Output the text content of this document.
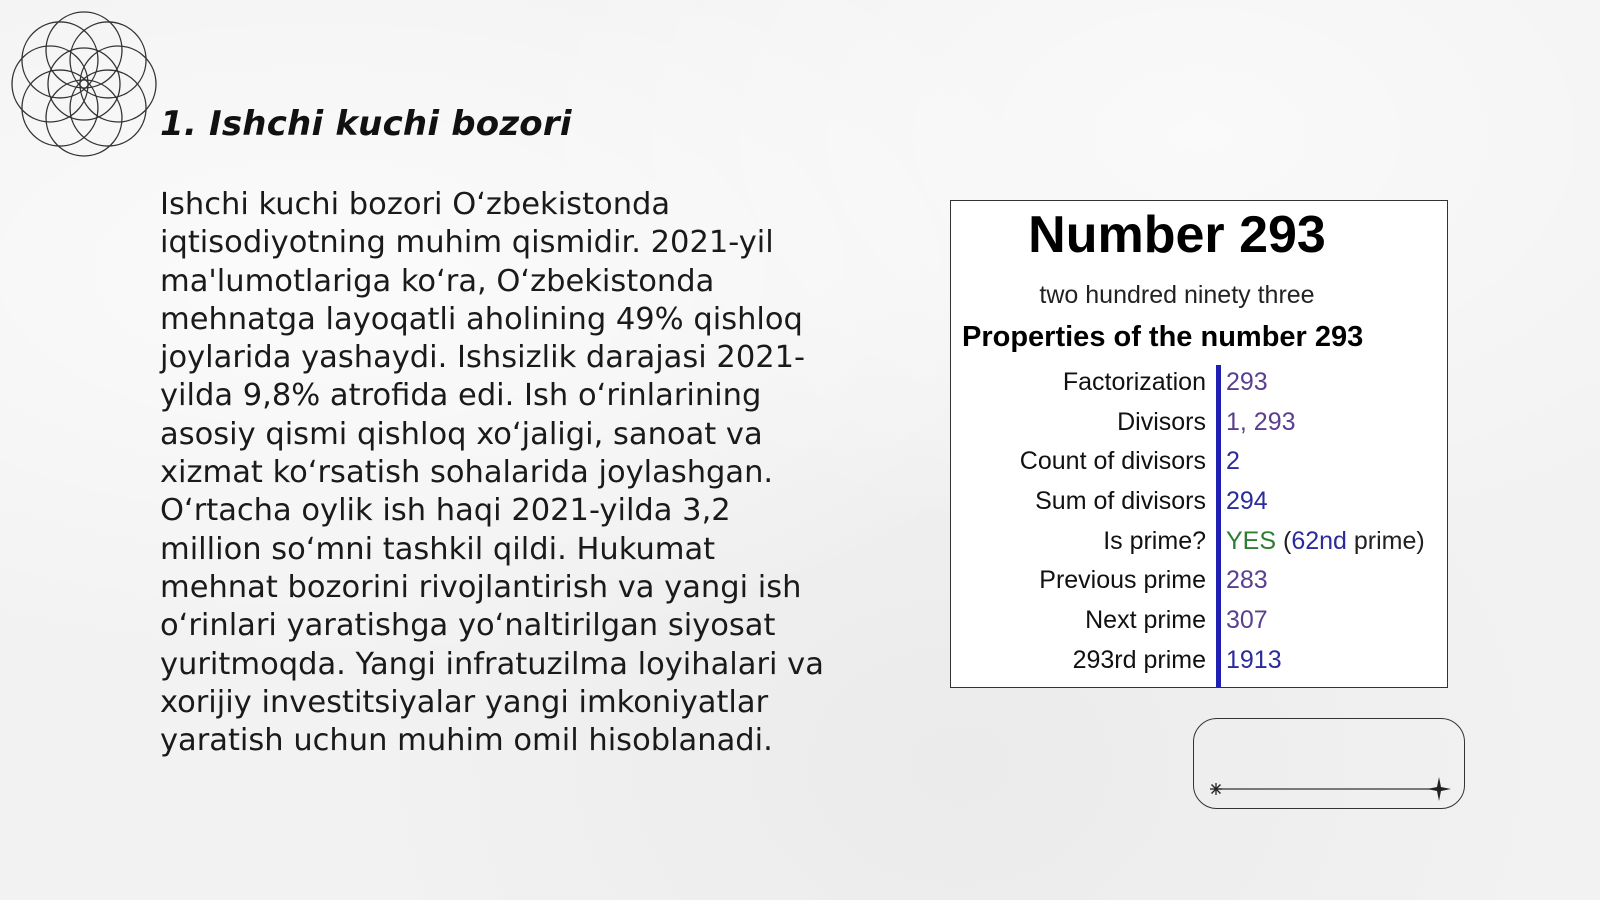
1. Ishchi kuchi bozori

Ishchi kuchi bozori O‘zbekistonda iqtisodiyotning muhim qismidir. 2021-yil ma'lumotlariga ko‘ra, O‘zbekistonda mehnatga layoqatli aholining 49% qishloq joylarida yashaydi. Ishsizlik darajasi 2021-yilda 9,8% atrofida edi. Ish o‘rinlarining asosiy qismi qishloq xo‘jaligi, sanoat va xizmat ko‘rsatish sohalarida joylashgan. O‘rtacha oylik ish haqi 2021-yilda 3,2 million so‘mni tashkil qildi. Hukumat mehnat bozorini rivojlantirish va yangi ish o‘rinlari yaratishga yo‘naltirilgan siyosat yuritmoqda. Yangi infratuzilma loyihalari va xorijiy investitsiyalar yangi imkoniyatlar yaratish uchun muhim omil hisoblanadi.

Number 293
two hundred ninety three
Properties of the number 293
Factorization 293
Divisors 1, 293
Count of divisors 2
Sum of divisors 294
Is prime? YES (62nd prime)
Previous prime 283
Next prime 307
293rd prime 1913
